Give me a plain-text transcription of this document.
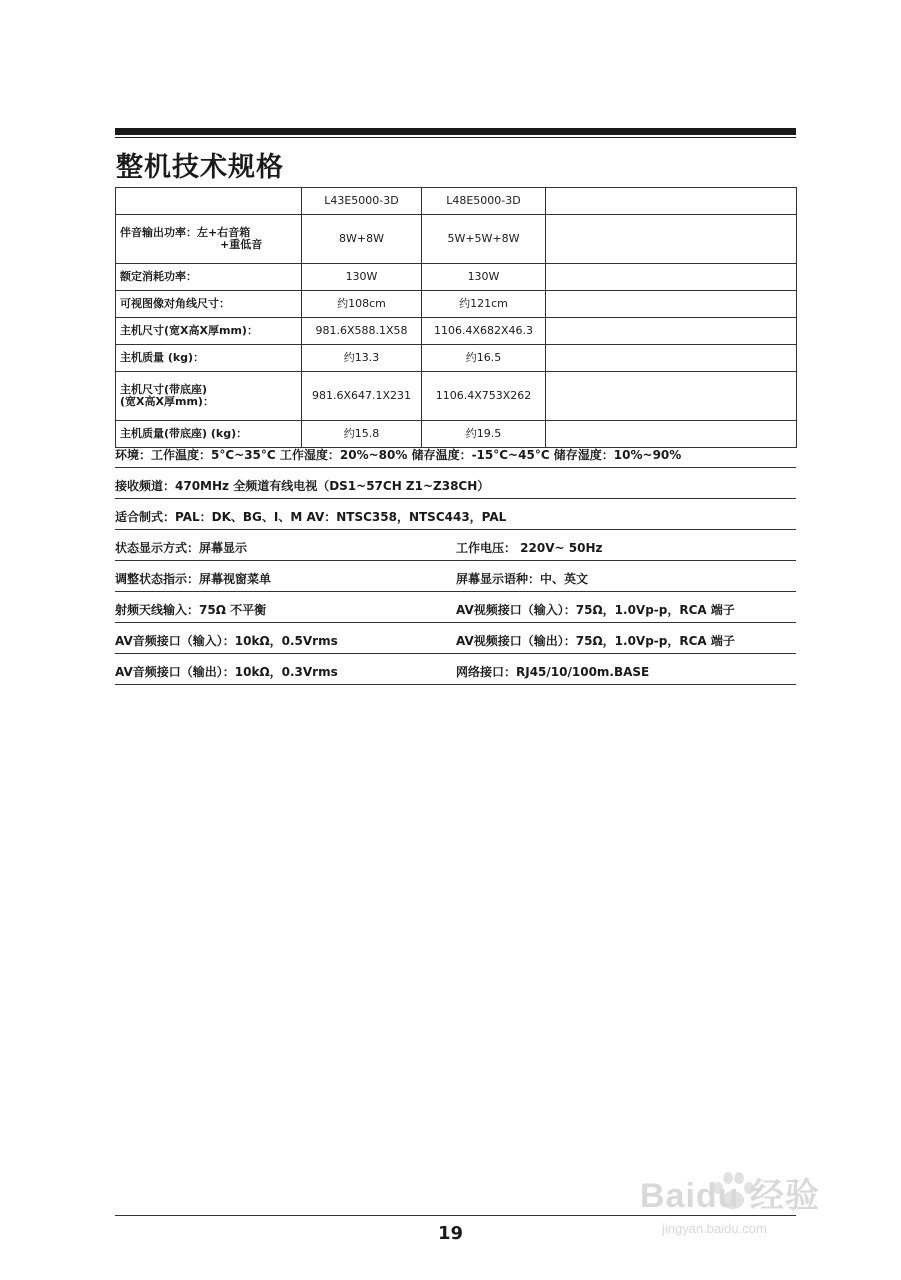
整机技术规格
	L43E5000-3D	L48E5000-3D	

伴音输出功率：左+右音箱
+重低音	8W+8W	5W+5W+8W	
额定消耗功率：	130W	130W	
可视图像对角线尺寸：	约108cm	约121cm	
主机尺寸(宽X高X厚mm)：	981.6X588.1X58	1106.4X682X46.3	
主机质量 (kg)：	约13.3	约16.5	

主机尺寸(带底座)
(宽X高X厚mm)：	981.6X647.1X231	1106.4X753X262	
主机质量(带底座) (kg)：	约15.8	约19.5	
环境：工作温度：5°C~35°C 工作湿度：20%~80% 储存温度：-15°C~45°C 储存湿度：10%~90%
接收频道：470MHz 全频道有线电视（DS1~57CH Z1~Z38CH）
适合制式：PAL：DK、BG、I、M AV：NTSC358，NTSC443，PAL
状态显示方式：屏幕显示	工作电压： 220V~ 50Hz
调整状态指示：屏幕视窗菜单	屏幕显示语种：中、英文
射频天线输入：75Ω 不平衡	AV视频接口（输入）：75Ω，1.0Vp-p，RCA 端子
AV音频接口（输入）：10kΩ，0.5Vrms	AV视频接口（输出）：75Ω，1.0Vp-p，RCA 端子
AV音频接口（输出）：10kΩ，0.3Vrms	网络接口：RJ45/10/100m.BASE
Baidu 经验
jingyan.baidu.com
19
